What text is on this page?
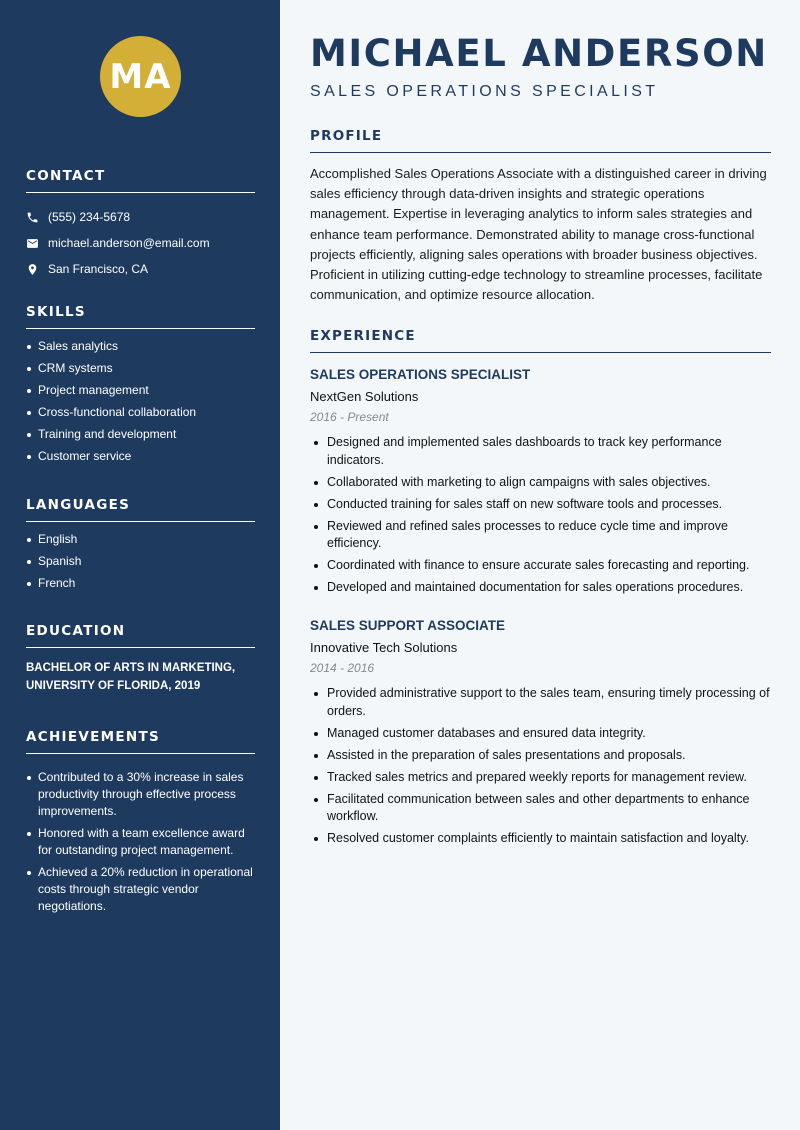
MA
CONTACT
(555) 234-5678
michael.anderson@email.com
San Francisco, CA
SKILLS
Sales analytics
CRM systems
Project management
Cross-functional collaboration
Training and development
Customer service
LANGUAGES
English
Spanish
French
EDUCATION
BACHELOR OF ARTS IN MARKETING,
UNIVERSITY OF FLORIDA, 2019
ACHIEVEMENTS
Contributed to a 30% increase in sales productivity through effective process improvements.
Honored with a team excellence award for outstanding project management.
Achieved a 20% reduction in operational costs through strategic vendor negotiations.
MICHAEL ANDERSON
SALES OPERATIONS SPECIALIST
PROFILE
Accomplished Sales Operations Associate with a distinguished career in driving sales efficiency through data-driven insights and strategic operations management. Expertise in leveraging analytics to inform sales strategies and enhance team performance. Demonstrated ability to manage cross-functional projects efficiently, aligning sales operations with broader business objectives. Proficient in utilizing cutting-edge technology to streamline processes, facilitate communication, and optimize resource allocation.
EXPERIENCE
SALES OPERATIONS SPECIALIST
NextGen Solutions
2016 - Present
Designed and implemented sales dashboards to track key performance indicators.
Collaborated with marketing to align campaigns with sales objectives.
Conducted training for sales staff on new software tools and processes.
Reviewed and refined sales processes to reduce cycle time and improve efficiency.
Coordinated with finance to ensure accurate sales forecasting and reporting.
Developed and maintained documentation for sales operations procedures.
SALES SUPPORT ASSOCIATE
Innovative Tech Solutions
2014 - 2016
Provided administrative support to the sales team, ensuring timely processing of orders.
Managed customer databases and ensured data integrity.
Assisted in the preparation of sales presentations and proposals.
Tracked sales metrics and prepared weekly reports for management review.
Facilitated communication between sales and other departments to enhance workflow.
Resolved customer complaints efficiently to maintain satisfaction and loyalty.
